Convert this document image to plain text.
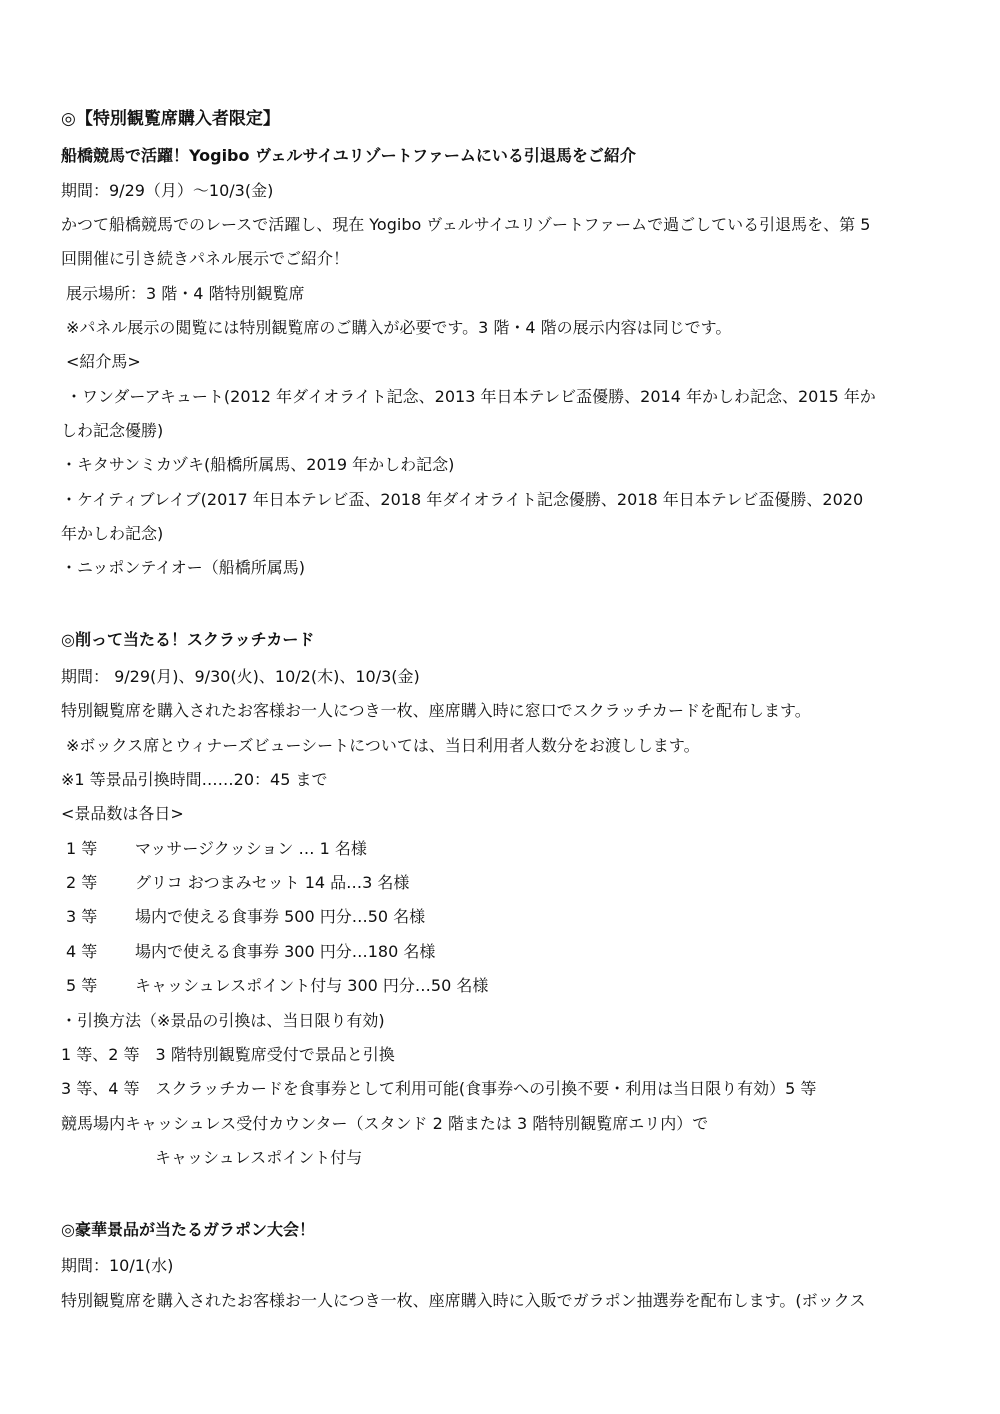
◎【特別観覧席購入者限定】
船橋競馬で活躍！Yogibo ヴェルサイユリゾートファームにいる引退馬をご紹介
期間：9/29（月）～10/3(金)
かつて船橋競馬でのレースで活躍し、現在 Yogibo ヴェルサイユリゾートファームで過ごしている引退馬を、第 5
回開催に引き続きパネル展示でご紹介！
展示場所：3 階・4 階特別観覧席
※パネル展示の閲覧には特別観覧席のご購入が必要です。3 階・4 階の展示内容は同じです。
<紹介馬>
・ワンダーアキュート(2012 年ダイオライト記念、2013 年日本テレビ盃優勝、2014 年かしわ記念、2015 年か
しわ記念優勝)
・キタサンミカヅキ(船橋所属馬、2019 年かしわ記念)
・ケイティブレイブ(2017 年日本テレビ盃、2018 年ダイオライト記念優勝、2018 年日本テレビ盃優勝、2020
年かしわ記念)
・ニッポンテイオー（船橋所属馬)
◎削って当たる！スクラッチカード
期間： 9/29(月)、9/30(火)、10/2(木)、10/3(金)
特別観覧席を購入されたお客様お一人につき一枚、座席購入時に窓口でスクラッチカードを配布します。
※ボックス席とウィナーズビューシートについては、当日利用者人数分をお渡しします。
※1 等景品引換時間……20：45 まで
<景品数は各日>
1 等 マッサージクッション … 1 名様
2 等 グリコ おつまみセット 14 品…3 名様
3 等 場内で使える食事券 500 円分…50 名様
4 等 場内で使える食事券 300 円分…180 名様
5 等 キャッシュレスポイント付与 300 円分…50 名様
・引換方法（※景品の引換は、当日限り有効)
1 等、2 等　3 階特別観覧席受付で景品と引換
3 等、4 等　スクラッチカードを食事券として利用可能(食事券への引換不要・利用は当日限り有効）5 等
競馬場内キャッシュレス受付カウンター（スタンド 2 階または 3 階特別観覧席エリ内）で
キャッシュレスポイント付与
◎豪華景品が当たるガラポン大会！
期間：10/1(水)
特別観覧席を購入されたお客様お一人につき一枚、座席購入時に入販でガラポン抽選券を配布します。(ボックス
